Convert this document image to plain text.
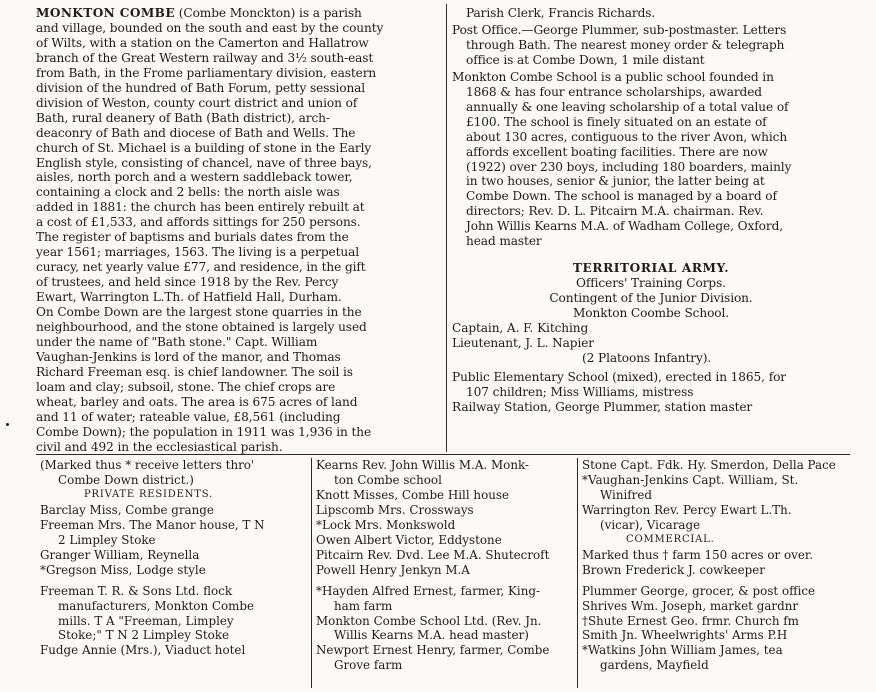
MONKTON COMBE (Combe Monckton) is a parish
and village, bounded on the south and east by the county
of Wilts, with a station on the Camerton and Hallatrow
branch of the Great Western railway and 3½ south-east
from Bath, in the Frome parliamentary division, eastern
division of the hundred of Bath Forum, petty sessional
division of Weston, county court district and union of
Bath, rural deanery of Bath (Bath district), arch-
deaconry of Bath and diocese of Bath and Wells. The
church of St. Michael is a building of stone in the Early
English style, consisting of chancel, nave of three bays,
aisles, north porch and a western saddleback tower,
containing a clock and 2 bells: the north aisle was
added in 1881: the church has been entirely rebuilt at
a cost of £1,533, and affords sittings for 250 persons.
The register of baptisms and burials dates from the
year 1561; marriages, 1563. The living is a perpetual
curacy, net yearly value £77, and residence, in the gift
of trustees, and held since 1918 by the Rev. Percy
Ewart, Warrington L.Th. of Hatfield Hall, Durham.
On Combe Down are the largest stone quarries in the
neighbourhood, and the stone obtained is largely used
under the name of "Bath stone." Capt. William
Vaughan-Jenkins is lord of the manor, and Thomas
Richard Freeman esq. is chief landowner. The soil is
loam and clay; subsoil, stone. The chief crops are
wheat, barley and oats. The area is 675 acres of land
and 11 of water; rateable value, £8,561 (including
Combe Down); the population in 1911 was 1,936 in the
civil and 492 in the ecclesiastical parish.
Parish Clerk, Francis Richards.
Post Office.—George Plummer, sub-postmaster. Letters
through Bath. The nearest money order & telegraph
office is at Combe Down, 1 mile distant
Monkton Combe School is a public school founded in
1868 & has four entrance scholarships, awarded
annually & one leaving scholarship of a total value of
£100. The school is finely situated on an estate of
about 130 acres, contiguous to the river Avon, which
affords excellent boating facilities. There are now
(1922) over 230 boys, including 180 boarders, mainly
in two houses, senior & junior, the latter being at
Combe Down. The school is managed by a board of
directors; Rev. D. L. Pitcairn M.A. chairman. Rev.
John Willis Kearns M.A. of Wadham College, Oxford,
head master
TERRITORIAL ARMY.
Officers' Training Corps.
Contingent of the Junior Division.
Monkton Coombe School.
Captain, A. F. Kitching
Lieutenant, J. L. Napier
(2 Platoons Infantry).
Public Elementary School (mixed), erected in 1865, for
107 children; Miss Williams, mistress
Railway Station, George Plummer, station master
(Marked thus * receive letters thro'
Combe Down district.)
PRIVATE RESIDENTS.
Barclay Miss, Combe grange
Freeman Mrs. The Manor house, T N
2 Limpley Stoke
Granger William, Reynella
*Gregson Miss, Lodge style
Freeman T. R. & Sons Ltd. flock
manufacturers, Monkton Combe
mills. T A "Freeman, Limpley
Stoke;" T N 2 Limpley Stoke
Fudge Annie (Mrs.), Viaduct hotel
Kearns Rev. John Willis M.A. Monk-
ton Combe school
Knott Misses, Combe Hill house
Lipscomb Mrs. Crossways
*Lock Mrs. Monkswold
Owen Albert Victor, Eddystone
Pitcairn Rev. Dvd. Lee M.A. Shutecroft
Powell Henry Jenkyn M.A
*Hayden Alfred Ernest, farmer, King-
ham farm
Monkton Combe School Ltd. (Rev. Jn.
Willis Kearns M.A. head master)
Newport Ernest Henry, farmer, Combe
Grove farm
Stone Capt. Fdk. Hy. Smerdon, Della Pace
*Vaughan-Jenkins Capt. William, St.
Winifred
Warrington Rev. Percy Ewart L.Th.
(vicar), Vicarage
COMMERCIAL.
Marked thus † farm 150 acres or over.
Brown Frederick J. cowkeeper
Plummer George, grocer, & post office
Shrives Wm. Joseph, market gardnr
†Shute Ernest Geo. frmr. Church fm
Smith Jn. Wheelwrights' Arms P.H
*Watkins John William James, tea
gardens, Mayfield
